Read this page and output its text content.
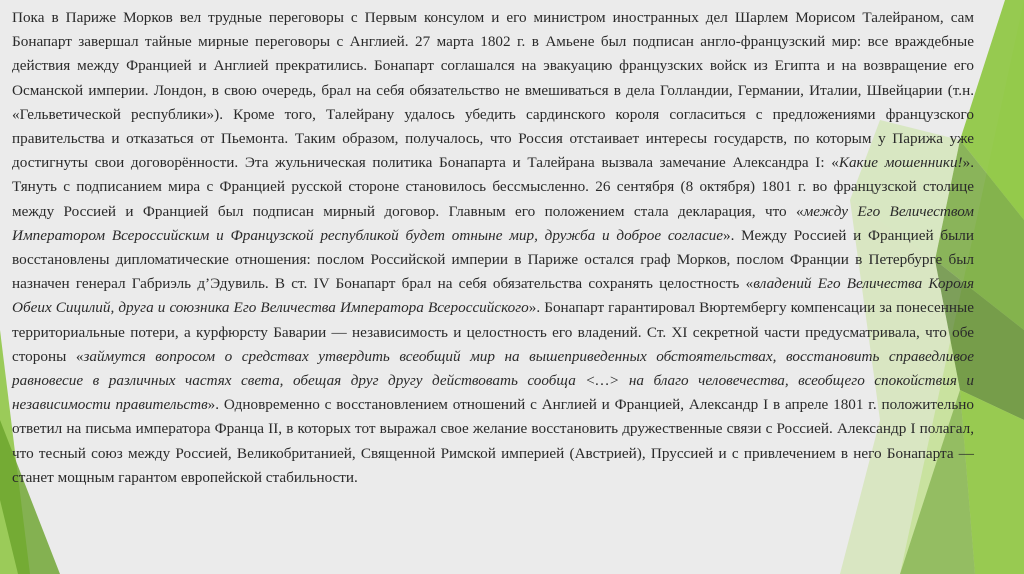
Пока в Париже Морков вел трудные переговоры с Первым консулом и его министром иностранных дел Шарлем Морисом Талейраном, сам Бонапарт завершал тайные мирные переговоры с Англией. 27 марта 1802 г. в Амьене был подписан англо-французский мир: все враждебные действия между Францией и Англией прекратились. Бонапарт соглашался на эвакуацию французских войск из Египта и на возвращение его Османской империи. Лондон, в свою очередь, брал на себя обязательство не вмешиваться в дела Голландии, Германии, Италии, Швейцарии (т.н. «Гельветической республики»). Кроме того, Талейрану удалось убедить сардинского короля согласиться с предложениями французского правительства и отказаться от Пьемонта. Таким образом, получалось, что Россия отстаивает интересы государств, по которым у Парижа уже достигнуты свои договорённости. Эта жульническая политика Бонапарта и Талейрана вызвала замечание Александра I: «Какие мошенники!». Тянуть с подписанием мира с Францией русской стороне становилось бессмысленно. 26 сентября (8 октября) 1801 г. во французской столице между Россией и Францией был подписан мирный договор. Главным его положением стала декларация, что «между Его Величеством Императором Всероссийским и Французской республикой будет отныне мир, дружба и доброе согласие». Между Россией и Францией были восстановлены дипломатические отношения: послом Российской империи в Париже остался граф Морков, послом Франции в Петербурге был назначен генерал Габриэль д’Эдувиль. В ст. IV Бонапарт брал на себя обязательства сохранять целостность «владений Его Величества Короля Обеих Сицилий, друга и союзника Его Величества Императора Всероссийского». Бонапарт гарантировал Вюртембергу компенсации за понесенные территориальные потери, а курфюрсту Баварии — независимость и целостность его владений. Ст. XI секретной части предусматривала, что обе стороны «займутся вопросом о средствах утвердить всеобщий мир на вышеприведенных обстоятельствах, восстановить справедливое равновесие в различных частях света, обещая друг другу действовать сообща <…> на благо человечества, всеобщего спокойствия и независимости правительств». Одновременно с восстановлением отношений с Англией и Францией, Александр I в апреле 1801 г. положительно ответил на письма императора Франца II, в которых тот выражал свое желание восстановить дружественные связи с Россией. Александр I полагал, что тесный союз между Россией, Великобританией, Священной Римской империей (Австрией), Пруссией и с привлечением в него Бонапарта — станет мощным гарантом европейской стабильности.
